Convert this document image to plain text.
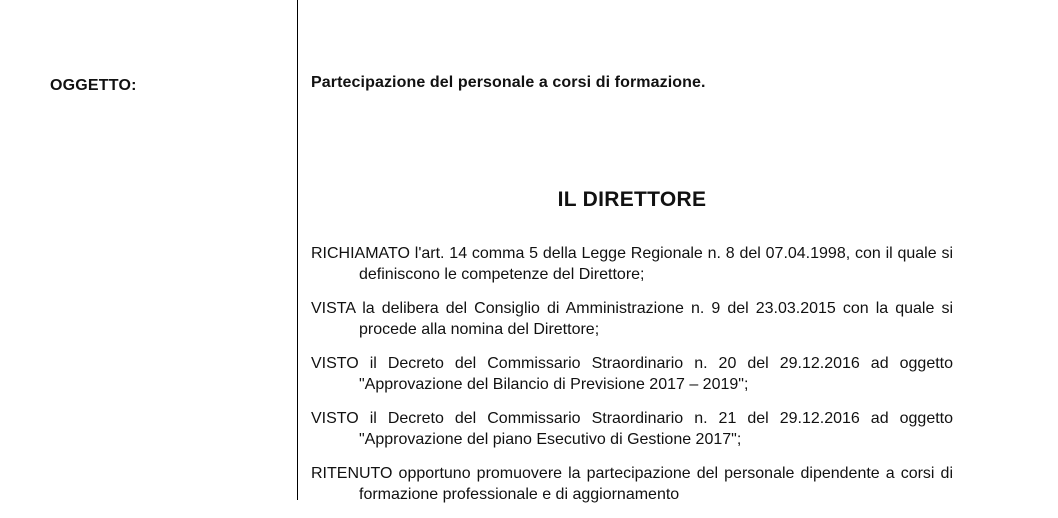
OGGETTO:	Partecipazione del personale a corsi di formazione.
IL DIRETTORE

RICHIAMATO l'art. 14 comma 5 della Legge Regionale n. 8 del 07.04.1998, con il quale si definiscono le competenze del Direttore;

VISTA la delibera del Consiglio di Amministrazione n. 9 del 23.03.2015 con la quale si procede alla nomina del Direttore;

VISTO il Decreto del Commissario Straordinario n. 20 del 29.12.2016 ad oggetto "Approvazione del Bilancio di Previsione 2017 – 2019";

VISTO il Decreto del Commissario Straordinario n. 21 del 29.12.2016 ad oggetto "Approvazione del piano Esecutivo di Gestione 2017";

RITENUTO opportuno promuovere la partecipazione del personale dipendente a corsi di formazione professionale e di aggiornamento
